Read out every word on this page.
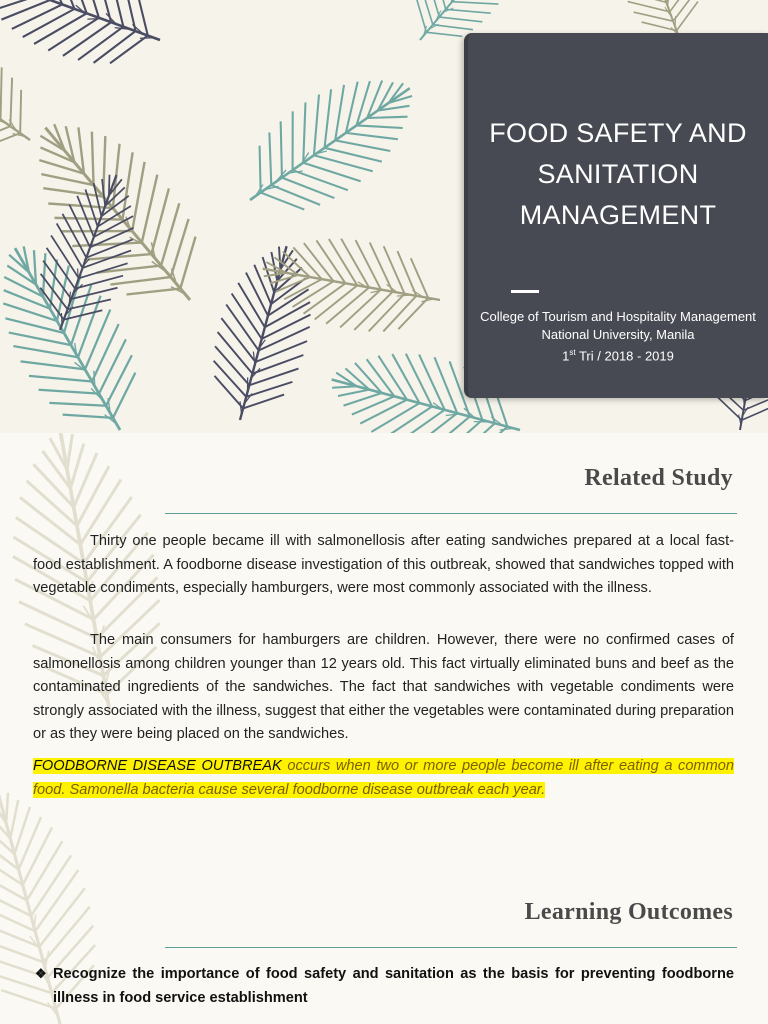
FOOD SAFETY AND SANITATION MANAGEMENT
College of Tourism and Hospitality Management
National University, Manila
1st Tri / 2018 - 2019
Related Study

Thirty one people became ill with salmonellosis after eating sandwiches prepared at a local fast-food establishment. A foodborne disease investigation of this outbreak, showed that sandwiches topped with vegetable condiments, especially hamburgers, were most commonly associated with the illness.

The main consumers for hamburgers are children. However, there were no confirmed cases of salmonellosis among children younger than 12 years old. This fact virtually eliminated buns and beef as the contaminated ingredients of the sandwiches. The fact that sandwiches with vegetable condiments were strongly associated with the illness, suggest that either the vegetables were contaminated during preparation or as they were being placed on the sandwiches.

FOODBORNE DISEASE OUTBREAK occurs when two or more people become ill after eating a common food. Samonella bacteria cause several foodborne disease outbreak each year.

Learning Outcomes

❖ Recognize the importance of food safety and sanitation as the basis for preventing foodborne illness in food service establishment
